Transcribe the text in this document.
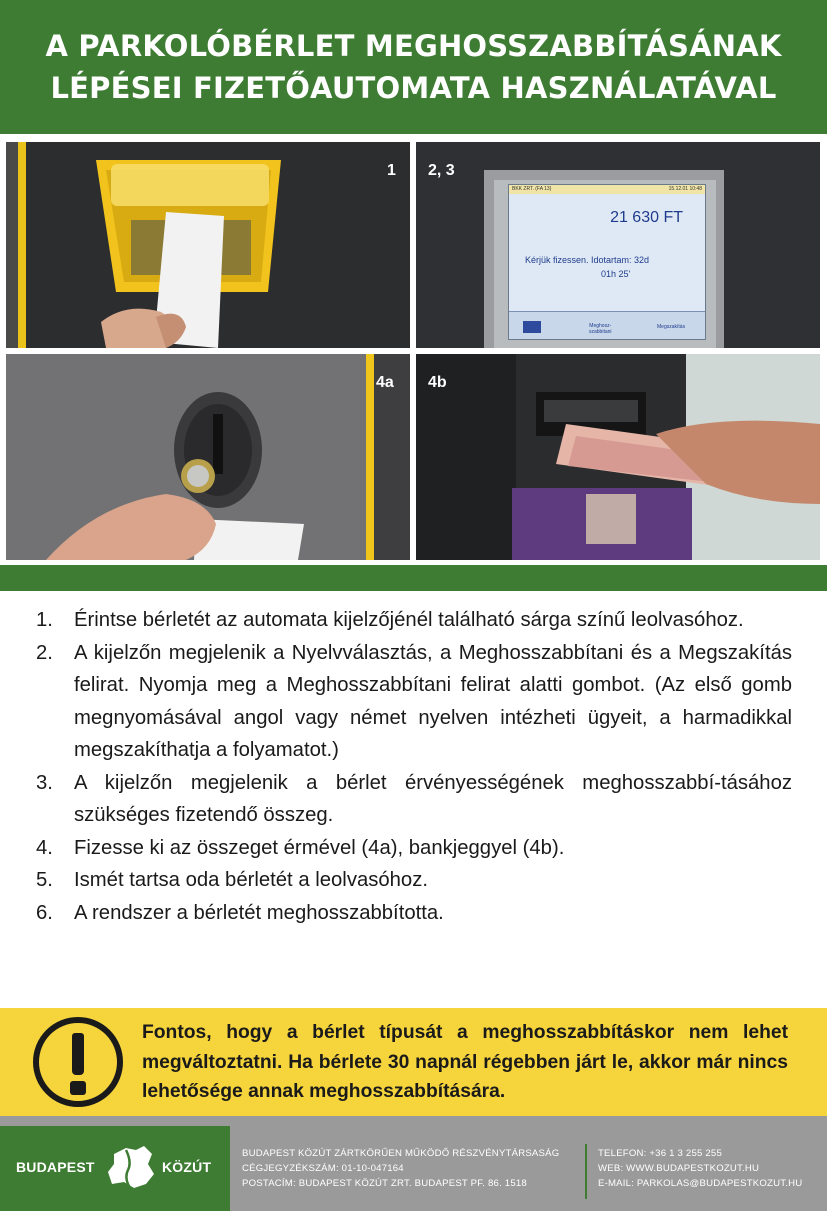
A PARKOLÓBÉRLET MEGHOSSZABBÍTÁSÁNAK
LÉPÉSEI FIZETŐAUTOMATA HASZNÁLATÁVAL
1
BKK ZRT. (FA 13)	15.12.01 10:48
21 630 FT
Kérjük fizessen. Idotartam: 32d
01h 25'
Meghosz-
szabbitani
Megszakítás
2, 3
4a 4b
1. Érintse bérletét az automata kijelzőjénél található sárga színű leolvasóhoz.
2. A kijelzőn megjelenik a Nyelvválasztás, a Meghosszabbítani és a Megszakítás felirat. Nyomja meg a Meghosszabbítani felirat alatti gombot. (Az első gomb megnyomásával angol vagy német nyelven intézheti ügyeit, a harmadikkal megszakíthatja a folyamatot.)
3. A kijelzőn megjelenik a bérlet érvényességének meghosszabbí-tásához szükséges fizetendő összeg.
4. Fizesse ki az összeget érmével (4a), bankjeggyel (4b).
5. Ismét tartsa oda bérletét a leolvasóhoz.
6. A rendszer a bérletét meghosszabbította.

Fontos, hogy a bérlet típusát a meghosszabbításkor nem lehet megváltoztatni. Ha bérlete 30 napnál régebben járt le, akkor már nincs lehetősége annak meghosszabbítására.

BUDAPEST	KÖZÚT
BUDAPEST KÖZÚT ZÁRTKÖRŰEN MŰKÖDŐ RÉSZVÉNYTÁRSASÁG
CÉGJEGYZÉKSZÁM: 01-10-047164
POSTACÍM: BUDAPEST KÖZÚT ZRT. BUDAPEST PF. 86. 1518
TELEFON: +36 1 3 255 255
WEB: WWW.BUDAPESTKOZUT.HU
E-MAIL: PARKOLAS@BUDAPESTKOZUT.HU
